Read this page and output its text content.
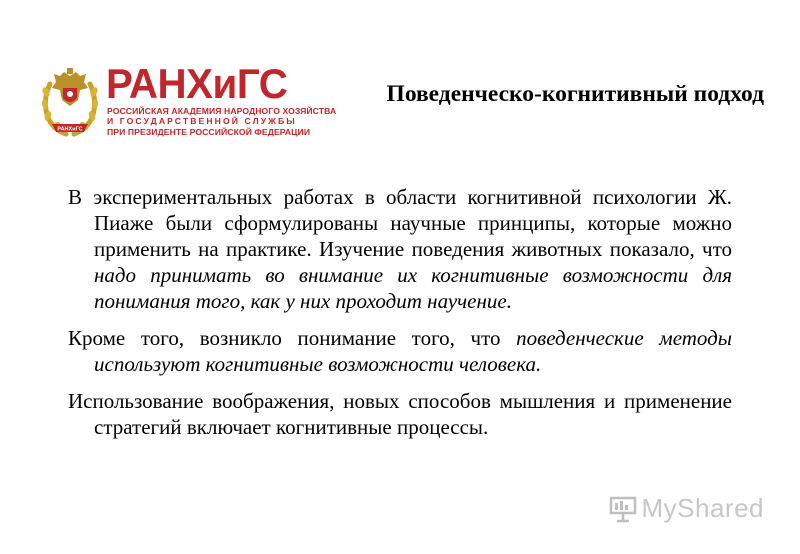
РАНХиГС
РАНХиГС
РОССИЙСКАЯ АКАДЕМИЯ НАРОДНОГО ХОЗЯЙСТВА
И ГОСУДАРСТВЕННОЙ СЛУЖБЫ
ПРИ ПРЕЗИДЕНТЕ РОССИЙСКОЙ ФЕДЕРАЦИИ
Поведенческо-когнитивный подход

В экспериментальных работах в области когнитивной психологии Ж. Пиаже были сформулированы научные принципы, которые можно применить на практике. Изучение поведения животных показало, что надо принимать во внимание их когнитивные возможности для понимания того, как у них проходит научение.

Кроме того, возникло понимание того, что поведенческие методы используют когнитивные возможности человека.

Использование воображения, новых способов мышления и применение стратегий включает когнитивные процессы.

MyShared
